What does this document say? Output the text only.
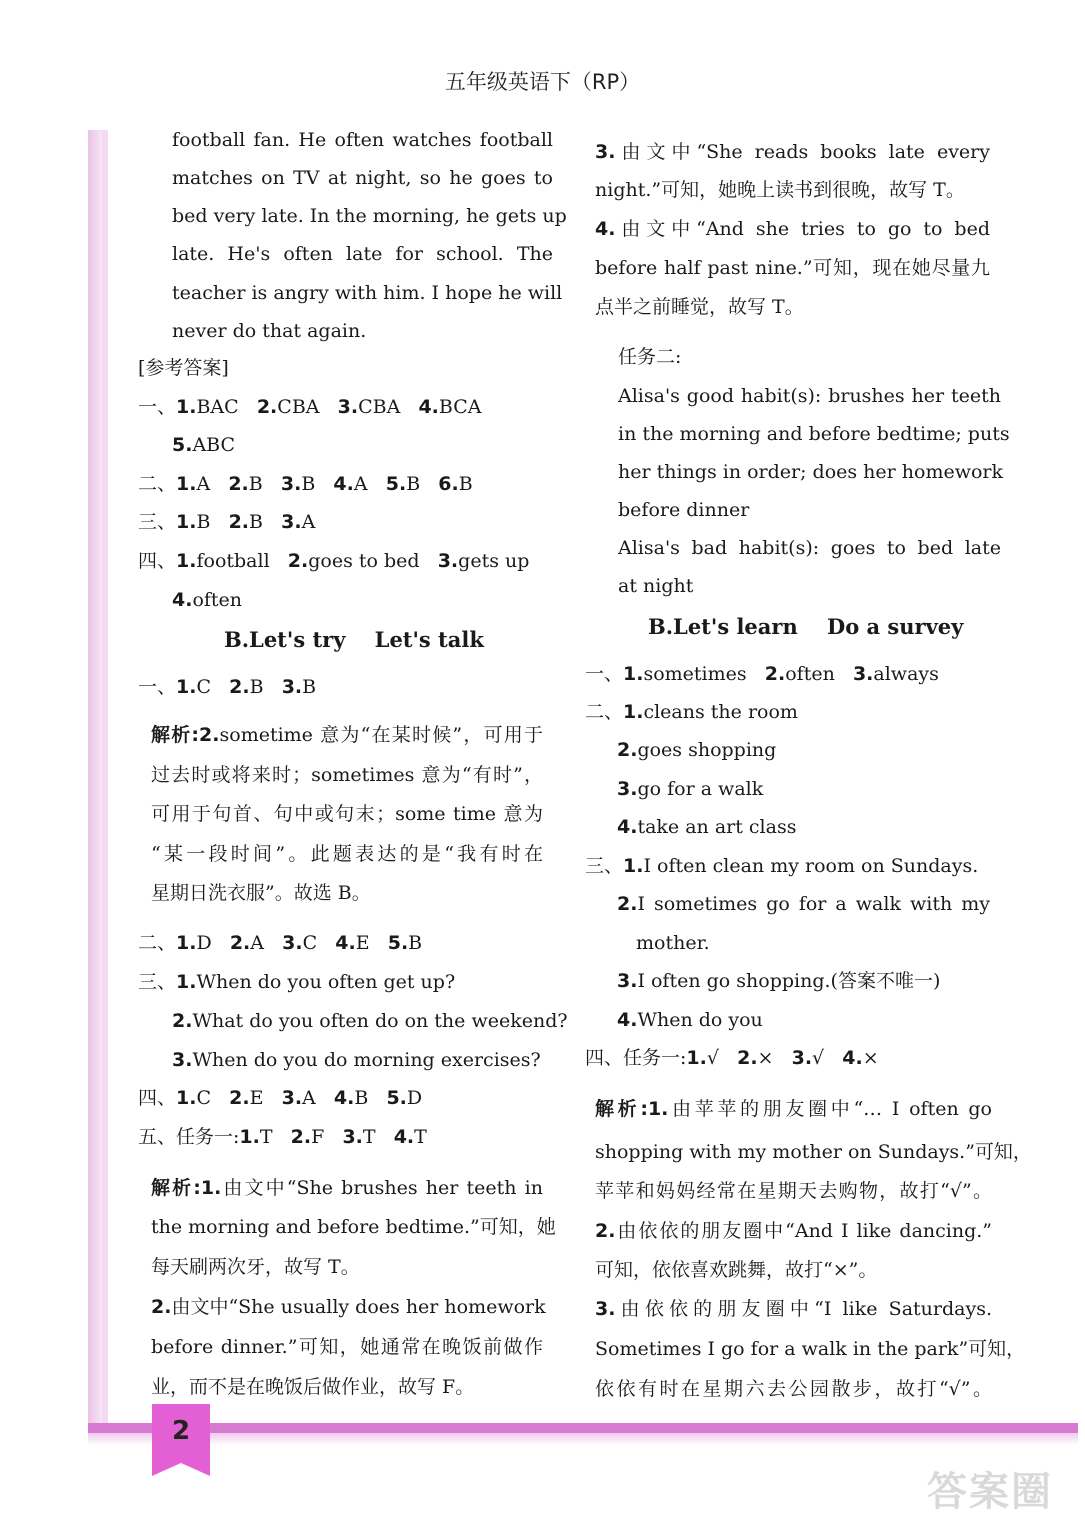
五年级英语下（RP）
2
答案圈
football fan. He often watches football
matches on TV at night, so he goes to
bed very late. In the morning, he gets up
late. He's often late for school. The
teacher is angry with him. I hope he will
never do that again.
[参考答案]
一、1.BAC 2.CBA 3.CBA 4.BCA
5.ABC
二、1.A 2.B 3.B 4.A 5.B 6.B
三、1.B 2.B 3.A
四、1.football 2.goes to bed 3.gets up
4.often
B.Let's try Let's talk
一、1.C 2.B 3.B
解析:2.sometime 意为“在某时候”，可用于
过去时或将来时；sometimes 意为“有时”，
可用于句首、句中或句末；some time 意为
“某一段时间”。此题表达的是“我有时在
星期日洗衣服”。故选 B。
二、1.D 2.A 3.C 4.E 5.B
三、1.When do you often get up?
2.What do you often do on the weekend?
3.When do you do morning exercises?
四、1.C 2.E 3.A 4.B 5.D
五、任务一:1.T 2.F 3.T 4.T
解析:1.由文中“She brushes her teeth in
the morning and before bedtime.”可知，她
每天刷两次牙，故写 T。
2.由文中“She usually does her homework
before dinner.”可知，她通常在晚饭前做作
业，而不是在晚饭后做作业，故写 F。
3.由文中“She reads books late every
night.”可知，她晚上读书到很晚，故写 T。
4.由文中“And she tries to go to bed
before half past nine.”可知，现在她尽量九
点半之前睡觉，故写 T。
任务二:
Alisa's good habit(s): brushes her teeth
in the morning and before bedtime; puts
her things in order; does her homework
before dinner
Alisa's bad habit(s): goes to bed late
at night
B.Let's learn Do a survey
一、1.sometimes 2.often 3.always
二、1.cleans the room
2.goes shopping
3.go for a walk
4.take an art class
三、1.I often clean my room on Sundays.
2.I sometimes go for a walk with my
mother.
3.I often go shopping.(答案不唯一)
4.When do you
四、任务一:1.√ 2.× 3.√ 4.×
解析:1.由苹苹的朋友圈中“… I often go
shopping with my mother on Sundays.”可知，
苹苹和妈妈经常在星期天去购物，故打“√”。
2.由依依的朋友圈中“And I like dancing.”
可知，依依喜欢跳舞，故打“×”。
3.由依依的朋友圈中“I like Saturdays.
Sometimes I go for a walk in the park”可知，
依依有时在星期六去公园散步，故打“√”。
